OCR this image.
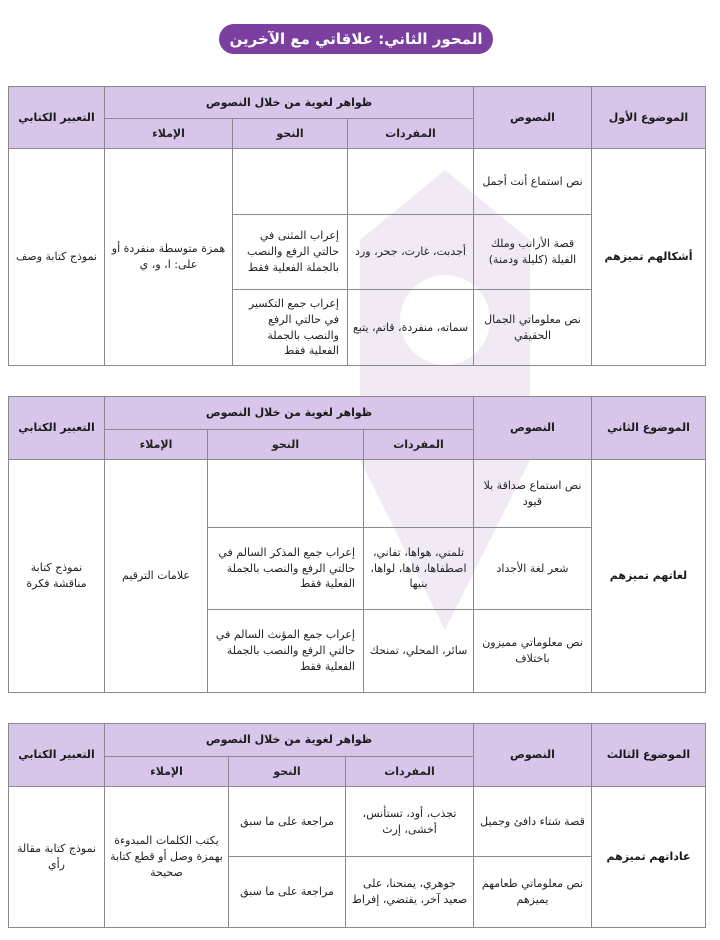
المحور الثاني: علاقاتي مع الآخرين
الموضوع الأول	النصوص	ظواهر لغوية من خلال النصوص			التعبير الكتابي
		المفردات	النحو	الإملاء	
أشكالهم تميزهم	نص استماع أنت أجمل			همزة متوسطة منفردة أو على: ا، و، ي	نموذج كتابة وصف
	قصة الأرانب وملك الفيلة (كليلة ودمنة)	أجدبت، غارت، جحر، ورد	إعراب المثنى في حالتي الرفع والنصب بالجملة الفعلية فقط		
	نص معلوماتي الجمال الحقيقي	سماته، منفردة، قاتم، يتبع	إعراب جمع التكسير في حالتي الرفع والنصب بالجملة الفعلية فقط		
الموضوع الثاني	النصوص	ظواهر لغوية من خلال النصوص			التعبير الكتابي
		المفردات	النحو	الإملاء	
لغاتهم تميزهم	نص استماع صداقة بلا قيود			علامات الترقيم	نموذج كتابة مناقشة فكرة
	شعر لغة الأجداد	تلمني، هواها، تفاني، اصطفاها، فاها، لواها، بنيها	إعراب جمع المذكر السالم في حالتي الرفع والنصب بالجملة الفعلية فقط		
	نص معلوماتي مميزون باختلاف	سائر، المحلي، تمنحك	إعراب جمع المؤنث السالم في حالتي الرفع والنصب بالجملة الفعلية فقط		
الموضوع الثالث	النصوص	ظواهر لغوية من خلال النصوص			التعبير الكتابي
		المفردات	النحو	الإملاء	
عاداتهم تميزهم	قصة شتاء دافئ وجميل	تجذب، أود، تستأنس، أخشى، إرث	مراجعة على ما سبق	يكتب الكلمات المبدوءة بهمزة وصل أو قطع كتابة صحيحة	نموذج كتابة مقالة رأي
	نص معلوماتي طعامهم يميزهم	جوهري، يمنحنا، على صعيد آخر، يقتضي، إفراط	مراجعة على ما سبق		
